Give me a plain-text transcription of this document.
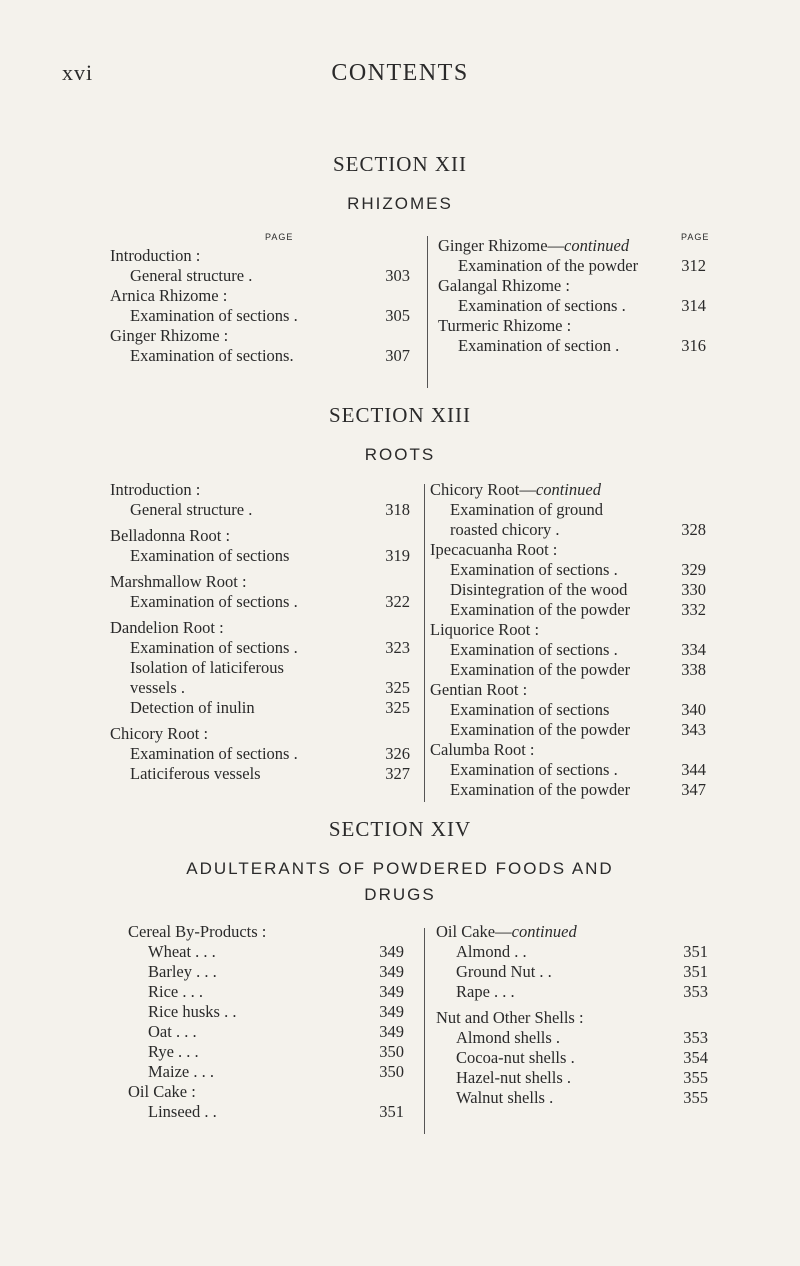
xvi	CONTENTS
SECTION XII
RHIZOMES
PAGE	PAGE
Introduction :
General structure .	303
Arnica Rhizome :
Examination of sections .	305
Ginger Rhizome :
Examination of sections.	307
Ginger Rhizome—continued
Examination of the powder	312
Galangal Rhizome :
Examination of sections .	314
Turmeric Rhizome :
Examination of section .	316
SECTION XIII
ROOTS
Introduction :
General structure .	318
Belladonna Root :
Examination of sections	319
Marshmallow Root :
Examination of sections .	322
Dandelion Root :
Examination of sections .	323
Isolation of laticiferous
vessels .	325
Detection of inulin	325
Chicory Root :
Examination of sections .	326
Laticiferous vessels	327
Chicory Root—continued
Examination of ground
roasted chicory .	328
Ipecacuanha Root :
Examination of sections .	329
Disintegration of the wood	330
Examination of the powder	332
Liquorice Root :
Examination of sections .	334
Examination of the powder	338
Gentian Root :
Examination of sections	340
Examination of the powder	343
Calumba Root :
Examination of sections .	344
Examination of the powder	347
SECTION XIV
ADULTERANTS OF POWDERED FOODS AND
DRUGS
Cereal By-Products :
Wheat . . .	349
Barley . . .	349
Rice . . .	349
Rice husks . .	349
Oat . . .	349
Rye . . .	350
Maize . . .	350
Oil Cake :
Linseed . .	351
Oil Cake—continued
Almond . .	351
Ground Nut . .	351
Rape . . .	353
Nut and Other Shells :
Almond shells .	353
Cocoa-nut shells .	354
Hazel-nut shells .	355
Walnut shells .	355
